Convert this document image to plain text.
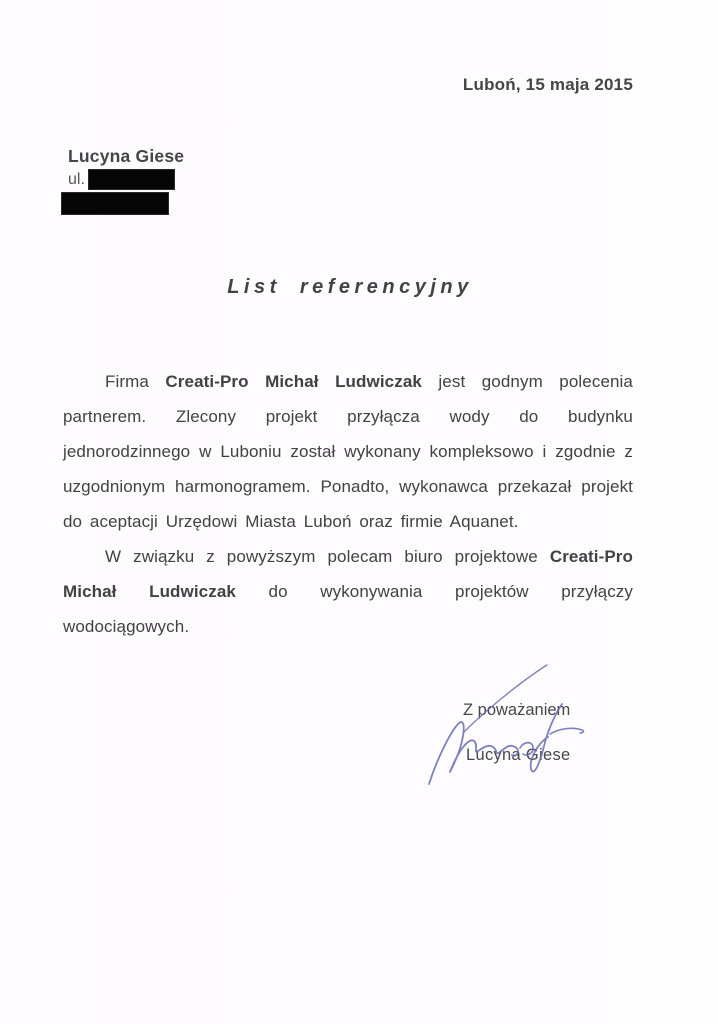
Luboń, 15 maja 2015
Lucyna Giese
ul.
List referencyjny

Firma Creati-Pro Michał Ludwiczak jest godnym polecenia partnerem. Zlecony projekt przyłącza wody do budynku jednorodzinnego w Luboniu został wykonany kompleksowo i zgodnie z uzgodnionym harmonogramem. Ponadto, wykonawca przekazał projekt do aceptacji Urzędowi Miasta Luboń oraz firmie Aquanet.

W związku z powyższym polecam biuro projektowe Creati-Pro Michał Ludwiczak do wykonywania projektów przyłączy wodociągowych.

Z poważaniem
Lucyna Giese
